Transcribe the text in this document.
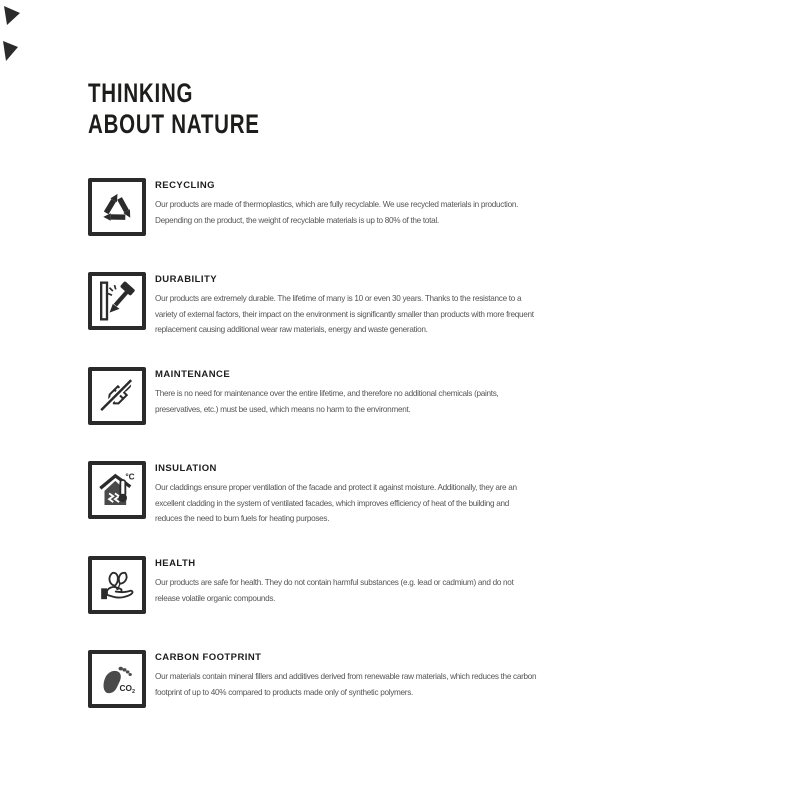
THINKING
ABOUT NATURE
RECYCLING

Our products are made of thermoplastics, which are fully recyclable. We use recycled materials in production. Depending on the product, the weight of recyclable materials is up to 80% of the total.

DURABILITY

Our products are extremely durable. The lifetime of many is 10 or even 30 years. Thanks to the resistance to a variety of external factors, their impact on the environment is significantly smaller than products with more frequent replacement causing additional wear raw materials, energy and waste generation.

MAINTENANCE

There is no need for maintenance over the entire lifetime, and therefore no additional chemicals (paints, preservatives, etc.) must be used, which means no harm to the environment.

°C
INSULATION

Our claddings ensure proper ventilation of the facade and protect it against moisture. Additionally, they are an excellent cladding in the system of ventilated facades, which improves efficiency of heat of the building and reduces the need to burn fuels for heating purposes.

HEALTH

Our products are safe for health. They do not contain harmful substances (e.g. lead or cadmium) and do not release volatile organic compounds.

$CO_2$
CARBON FOOTPRINT

Our materials contain mineral fillers and additives derived from renewable raw materials, which reduces the carbon footprint of up to 40% compared to products made only of synthetic polymers.
